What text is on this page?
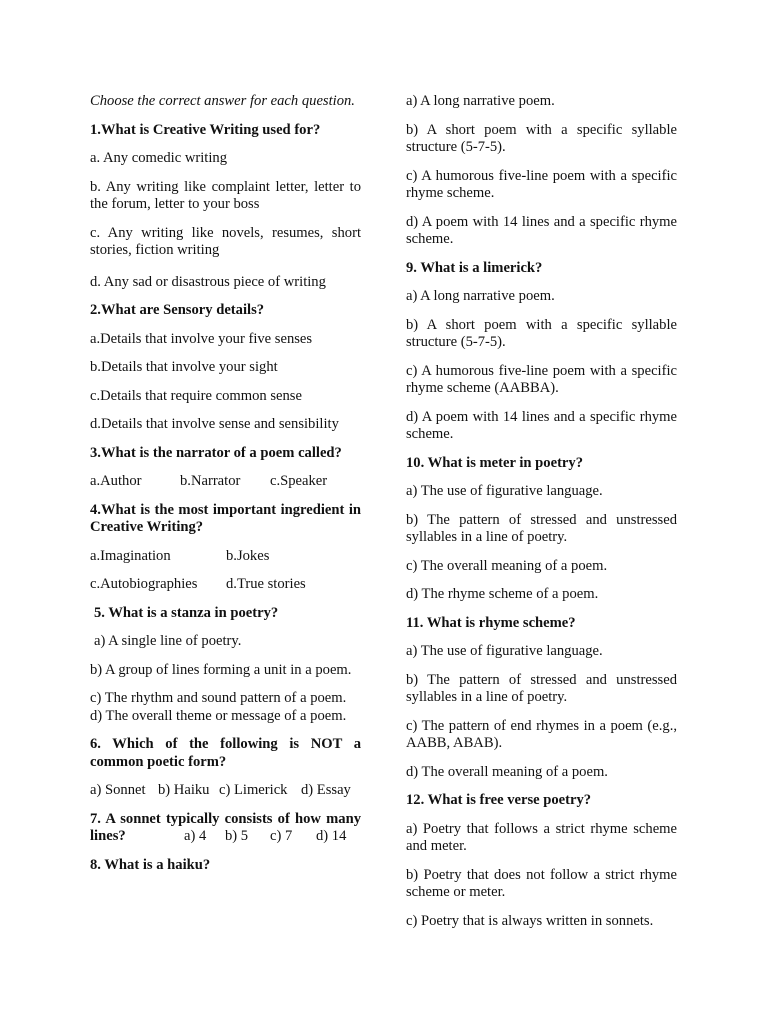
Choose the correct answer for each question.

1.What is Creative Writing used for?

a. Any comedic writing

b. Any writing like complaint letter, letter to the forum, letter to your boss

c. Any writing like novels, resumes, short stories, fiction writing

d. Any sad or disastrous piece of writing

2.What are Sensory details?

a.Details that involve your five senses

b.Details that involve your sight

c.Details that require common sense

d.Details that involve sense and sensibility

3.What is the narrator of a poem called?

a.Author	b.Narrator c.Speaker

4.What is the most important ingredient in Creative Writing?

a.Imagination	b.Jokes
c.Autobiographies d.True stories

5. What is a stanza in poetry?

a) A single line of poetry.

b) A group of lines forming a unit in a poem.

c) The rhythm and sound pattern of a poem.

d) The overall theme or message of a poem.

6. Which of the following is NOT a common poetic form?

a) Sonnet b) Haiku c) Limerick d) Essay
7. A sonnet typically consists of how many lines?	a) 4 b) 5 c) 7 d) 14

8. What is a haiku?

a) A long narrative poem.

b) A short poem with a specific syllable structure (5-7-5).

c) A humorous five-line poem with a specific rhyme scheme.

d) A poem with 14 lines and a specific rhyme scheme.

9. What is a limerick?

a) A long narrative poem.

b) A short poem with a specific syllable structure (5-7-5).

c) A humorous five-line poem with a specific rhyme scheme (AABBA).

d) A poem with 14 lines and a specific rhyme scheme.

10. What is meter in poetry?

a) The use of figurative language.

b) The pattern of stressed and unstressed syllables in a line of poetry.

c) The overall meaning of a poem.

d) The rhyme scheme of a poem.

11. What is rhyme scheme?

a) The use of figurative language.

b) The pattern of stressed and unstressed syllables in a line of poetry.

c) The pattern of end rhymes in a poem (e.g., AABB, ABAB).

d) The overall meaning of a poem.

12. What is free verse poetry?

a) Poetry that follows a strict rhyme scheme and meter.

b) Poetry that does not follow a strict rhyme scheme or meter.

c) Poetry that is always written in sonnets.
